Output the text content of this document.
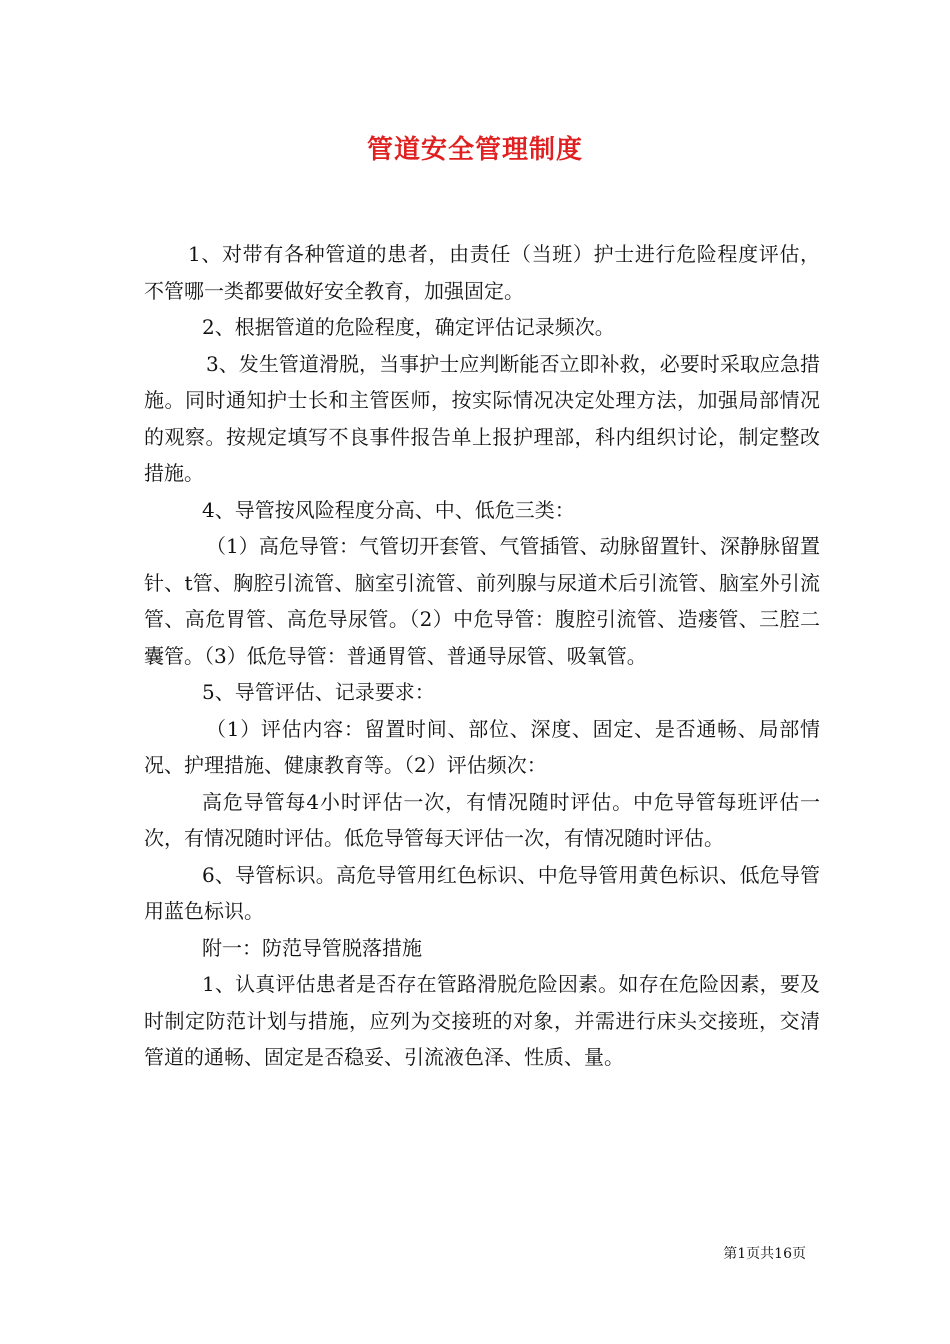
管道安全管理制度

1、对带有各种管道的患者，由责任（当班）护士进行危险程度评估，不管哪一类都要做好安全教育，加强固定。

2、根据管道的危险程度，确定评估记录频次。

3、发生管道滑脱，当事护士应判断能否立即补救，必要时采取应急措施。同时通知护士长和主管医师，按实际情况决定处理方法，加强局部情况的观察。按规定填写不良事件报告单上报护理部，科内组织讨论，制定整改措施。

4、导管按风险程度分高、中、低危三类：

（1）高危导管：气管切开套管、气管插管、动脉留置针、深静脉留置针、t管、胸腔引流管、脑室引流管、前列腺与尿道术后引流管、脑室外引流管、高危胃管、高危导尿管。（2）中危导管：腹腔引流管、造瘘管、三腔二囊管。（3）低危导管：普通胃管、普通导尿管、吸氧管。

5、导管评估、记录要求：

（1）评估内容：留置时间、部位、深度、固定、是否通畅、局部情况、护理措施、健康教育等。（2）评估频次：

高危导管每4小时评估一次，有情况随时评估。中危导管每班评估一次，有情况随时评估。低危导管每天评估一次，有情况随时评估。

6、导管标识。高危导管用红色标识、中危导管用黄色标识、低危导管用蓝色标识。

附一：防范导管脱落措施

1、认真评估患者是否存在管路滑脱危险因素。如存在危险因素，要及时制定防范计划与措施，应列为交接班的对象，并需进行床头交接班，交清管道的通畅、固定是否稳妥、引流液色泽、性质、量。

第1页共16页
